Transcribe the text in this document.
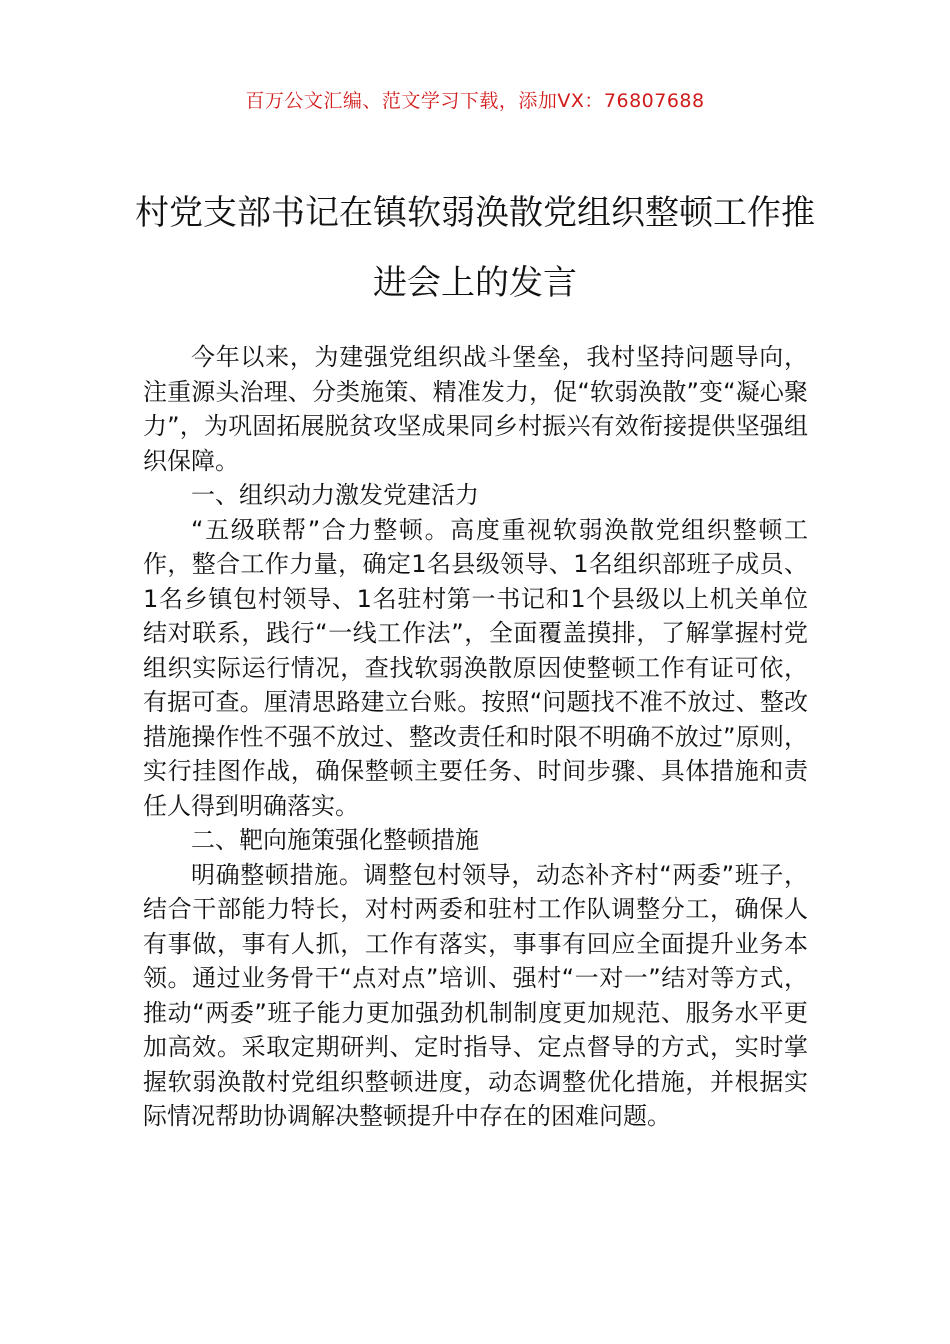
百万公文汇编、范文学习下载，添加VX：76807688
村党支部书记在镇软弱涣散党组织整顿工作推进会上的发言

今年以来，为建强党组织战斗堡垒，我村坚持问题导向，注重源头治理、分类施策、精准发力，促“软弱涣散”变“凝心聚力”，为巩固拓展脱贫攻坚成果同乡村振兴有效衔接提供坚强组织保障。

一、组织动力激发党建活力

“五级联帮”合力整顿。高度重视软弱涣散党组织整顿工作，整合工作力量，确定1名县级领导、1名组织部班子成员、1名乡镇包村领导、1名驻村第一书记和1个县级以上机关单位结对联系，践行“一线工作法”，全面覆盖摸排，了解掌握村党组织实际运行情况，查找软弱涣散原因使整顿工作有证可依，有据可查。厘清思路建立台账。按照“问题找不准不放过、整改措施操作性不强不放过、整改责任和时限不明确不放过”原则，实行挂图作战，确保整顿主要任务、时间步骤、具体措施和责任人得到明确落实。

二、靶向施策强化整顿措施

明确整顿措施。调整包村领导，动态补齐村“两委”班子，结合干部能力特长，对村两委和驻村工作队调整分工，确保人有事做，事有人抓，工作有落实，事事有回应全面提升业务本领。通过业务骨干“点对点”培训、强村“一对一”结对等方式，推动“两委”班子能力更加强劲机制制度更加规范、服务水平更加高效。采取定期研判、定时指导、定点督导的方式，实时掌握软弱涣散村党组织整顿进度，动态调整优化措施，并根据实际情况帮助协调解决整顿提升中存在的困难问题。
